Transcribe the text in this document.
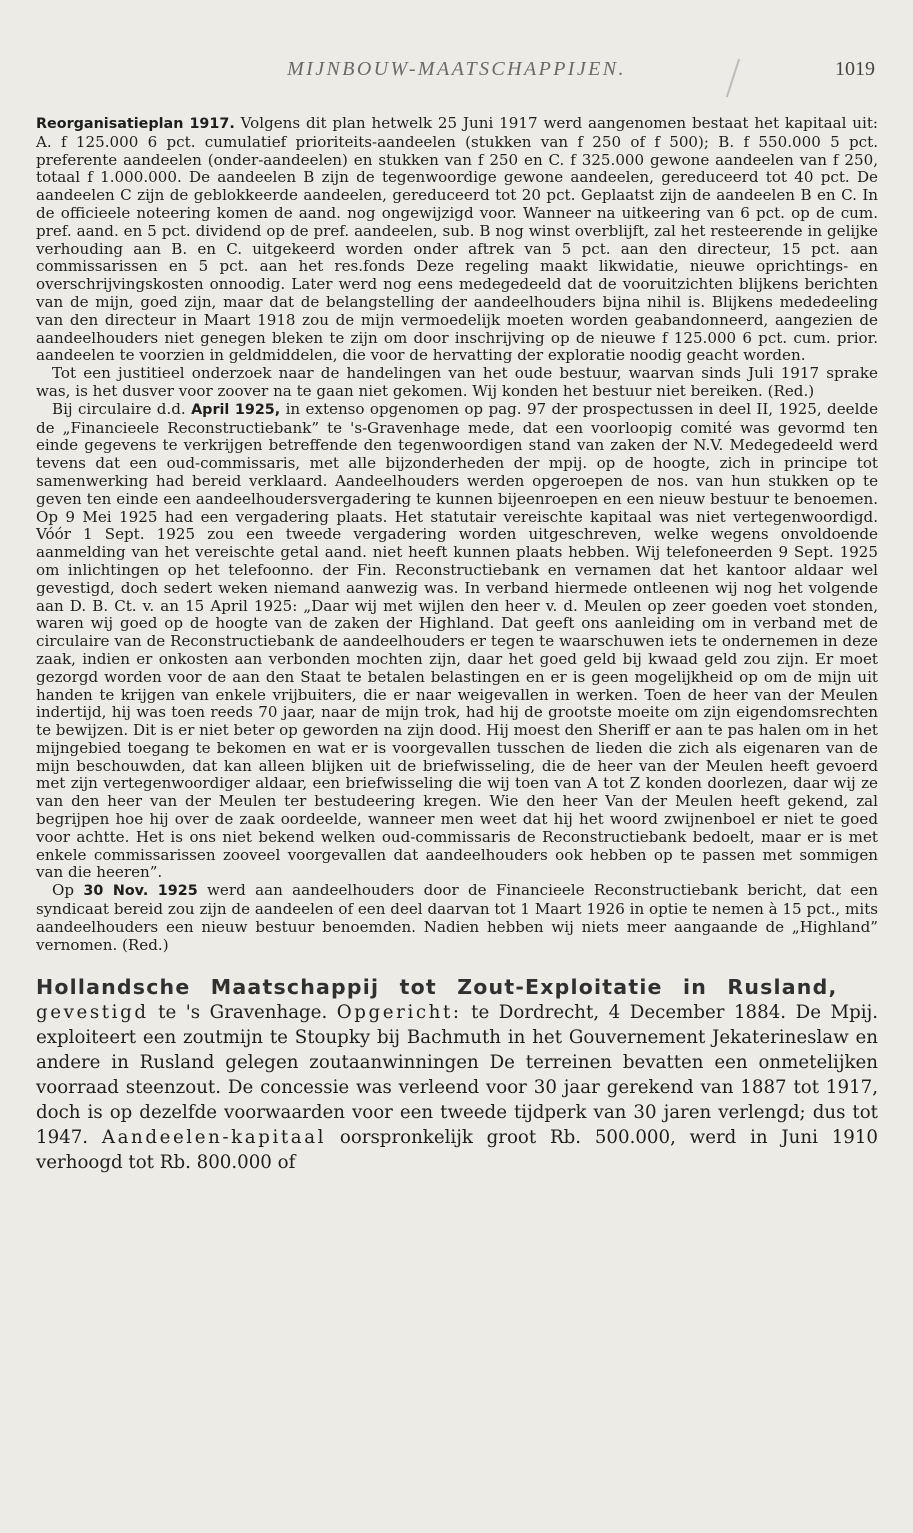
MIJNBOUW-MAATSCHAPPIJEN.	1019

Reorganisatieplan 1917. Volgens dit plan hetwelk 25 Juni 1917 werd aangenomen bestaat het kapitaal uit: A. f 125.000 6 pct. cumulatief prioriteits-aandeelen (stukken van f 250 of f 500); B. f 550.000 5 pct. preferente aandeelen (onder-aandeelen) en stukken van f 250 en C. f 325.000 gewone aandeelen van f 250, totaal f 1.000.000. De aandeelen B zijn de tegenwoordige gewone aandeelen, gereduceerd tot 40 pct. De aandeelen C zijn de geblokkeerde aandeelen, gereduceerd tot 20 pct. Geplaatst zijn de aandeelen B en C. In de officieele noteering komen de aand. nog ongewijzigd voor. Wanneer na uitkeering van 6 pct. op de cum. pref. aand. en 5 pct. dividend op de pref. aandeelen, sub. B nog winst overblijft, zal het resteerende in gelijke verhouding aan B. en C. uitgekeerd worden onder aftrek van 5 pct. aan den directeur, 15 pct. aan commissarissen en 5 pct. aan het res.fonds Deze regeling maakt likwidatie, nieuwe oprichtings- en overschrijvingskosten onnoodig. Later werd nog eens medegedeeld dat de vooruitzichten blijkens berichten van de mijn, goed zijn, maar dat de belangstelling der aandeelhouders bijna nihil is. Blijkens mededeeling van den directeur in Maart 1918 zou de mijn vermoedelijk moeten worden geabandonneerd, aangezien de aandeelhouders niet genegen bleken te zijn om door inschrijving op de nieuwe f 125.000 6 pct. cum. prior. aandeelen te voorzien in geldmiddelen, die voor de hervatting der exploratie noodig geacht worden.

Tot een justitieel onderzoek naar de handelingen van het oude bestuur, waarvan sinds Juli 1917 sprake was, is het dusver voor zoover na te gaan niet gekomen. Wij konden het bestuur niet bereiken. (Red.)

Bij circulaire d.d. April 1925, in extenso opgenomen op pag. 97 der prospectussen in deel II, 1925, deelde de „Financieele Reconstructiebank” te 's-Gravenhage mede, dat een voorloopig comité was gevormd ten einde gegevens te verkrijgen betreffende den tegenwoordigen stand van zaken der N.V. Medegedeeld werd tevens dat een oud-commissaris, met alle bijzonderheden der mpij. op de hoogte, zich in principe tot samenwerking had bereid verklaard. Aandeelhouders werden opgeroepen de nos. van hun stukken op te geven ten einde een aandeelhoudersvergadering te kunnen bijeenroepen en een nieuw bestuur te benoemen. Op 9 Mei 1925 had een vergadering plaats. Het statutair vereischte kapitaal was niet vertegenwoordigd. Vóór 1 Sept. 1925 zou een tweede vergadering worden uitgeschreven, welke wegens onvoldoende aanmelding van het vereischte getal aand. niet heeft kunnen plaats hebben. Wij telefoneerden 9 Sept. 1925 om inlichtingen op het telefoonno. der Fin. Reconstructiebank en vernamen dat het kantoor aldaar wel gevestigd, doch sedert weken niemand aanwezig was. In verband hiermede ontleenen wij nog het volgende aan D. B. Ct. v. an 15 April 1925: „Daar wij met wijlen den heer v. d. Meulen op zeer goeden voet stonden, waren wij goed op de hoogte van de zaken der Highland. Dat geeft ons aanleiding om in verband met de circulaire van de Reconstructiebank de aandeelhouders er tegen te waarschuwen iets te ondernemen in deze zaak, indien er onkosten aan verbonden mochten zijn, daar het goed geld bij kwaad geld zou zijn. Er moet gezorgd worden voor de aan den Staat te betalen belastingen en er is geen mogelijkheid op om de mijn uit handen te krijgen van enkele vrijbuiters, die er naar weigevallen in werken. Toen de heer van der Meulen indertijd, hij was toen reeds 70 jaar, naar de mijn trok, had hij de grootste moeite om zijn eigendomsrechten te bewijzen. Dit is er niet beter op geworden na zijn dood. Hij moest den Sheriff er aan te pas halen om in het mijngebied toegang te bekomen en wat er is voorgevallen tusschen de lieden die zich als eigenaren van de mijn beschouwden, dat kan alleen blijken uit de briefwisseling, die de heer van der Meulen heeft gevoerd met zijn vertegenwoordiger aldaar, een briefwisseling die wij toen van A tot Z konden doorlezen, daar wij ze van den heer van der Meulen ter bestudeering kregen. Wie den heer Van der Meulen heeft gekend, zal begrijpen hoe hij over de zaak oordeelde, wanneer men weet dat hij het woord zwijnenboel er niet te goed voor achtte. Het is ons niet bekend welken oud-commissaris de Reconstructiebank bedoelt, maar er is met enkele commissarissen zooveel voorgevallen dat aandeelhouders ook hebben op te passen met sommigen van die heeren”.

Op 30 Nov. 1925 werd aan aandeelhouders door de Financieele Reconstructiebank bericht, dat een syndicaat bereid zou zijn de aandeelen of een deel daarvan tot 1 Maart 1926 in optie te nemen à 15 pct., mits aandeelhouders een nieuw bestuur benoemden. Nadien hebben wij niets meer aangaande de „Highland” vernomen. (Red.)

Hollandsche Maatschappij tot Zout-Exploitatie in Rusland,

gevestigd te 's Gravenhage. Opgericht: te Dordrecht, 4 December 1884. De Mpij. exploiteert een zoutmijn te Stoupky bij Bachmuth in het Gouvernement Jekaterineslaw en andere in Rusland gelegen zoutaanwinningen De terreinen bevatten een onmetelijken voorraad steenzout. De concessie was verleend voor 30 jaar gerekend van 1887 tot 1917, doch is op dezelfde voorwaarden voor een tweede tijdperk van 30 jaren verlengd; dus tot 1947. Aandeelen-kapitaal oorspronkelijk groot Rb. 500.000, werd in Juni 1910 verhoogd tot Rb. 800.000 of
